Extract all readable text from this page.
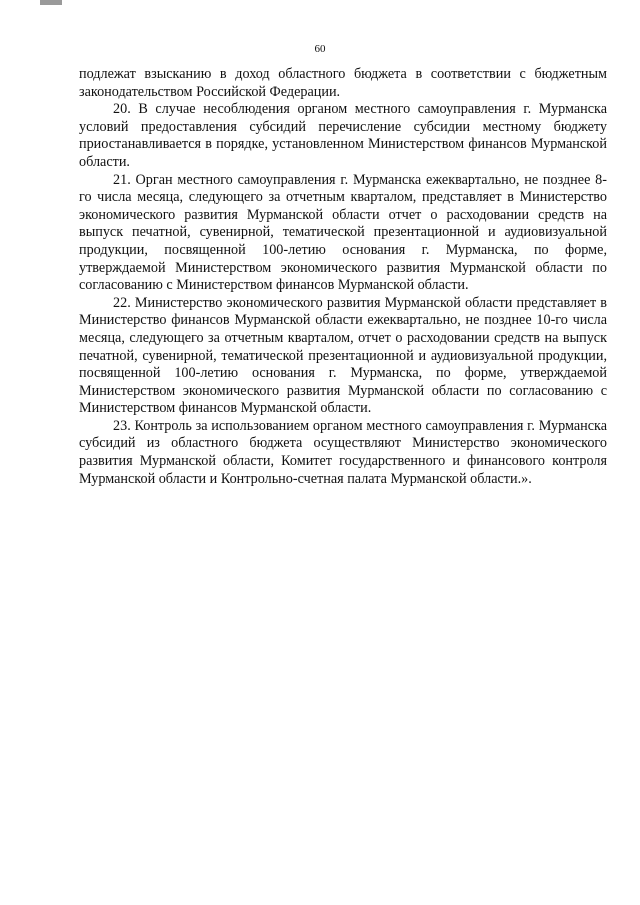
60

подлежат взысканию в доход областного бюджета в соответствии с бюджетным законодательством Российской Федерации.

20. В случае несоблюдения органом местного самоуправления г. Мурманска условий предоставления субсидий перечисление субсидии местному бюджету приостанавливается в порядке, установленном Министерством финансов Мурманской области.

21. Орган местного самоуправления г. Мурманска ежеквартально, не позднее 8-го числа месяца, следующего за отчетным кварталом, представляет в Министерство экономического развития Мурманской области отчет о расходовании средств на выпуск печатной, сувенирной, тематической презентационной и аудиовизуальной продукции, посвященной 100-летию основания г. Мурманска, по форме, утверждаемой Министерством экономического развития Мурманской области по согласованию с Министерством финансов Мурманской области.

22. Министерство экономического развития Мурманской области представляет в Министерство финансов Мурманской области ежеквартально, не позднее 10-го числа месяца, следующего за отчетным кварталом, отчет о расходовании средств на выпуск печатной, сувенирной, тематической презентационной и аудиовизуальной продукции, посвященной 100-летию основания г. Мурманска, по форме, утверждаемой Министерством экономического развития Мурманской области по согласованию с Министерством финансов Мурманской области.

23. Контроль за использованием органом местного самоуправления г. Мурманска субсидий из областного бюджета осуществляют Министерство экономического развития Мурманской области, Комитет государственного и финансового контроля Мурманской области и Контрольно-счетная палата Мурманской области.».
